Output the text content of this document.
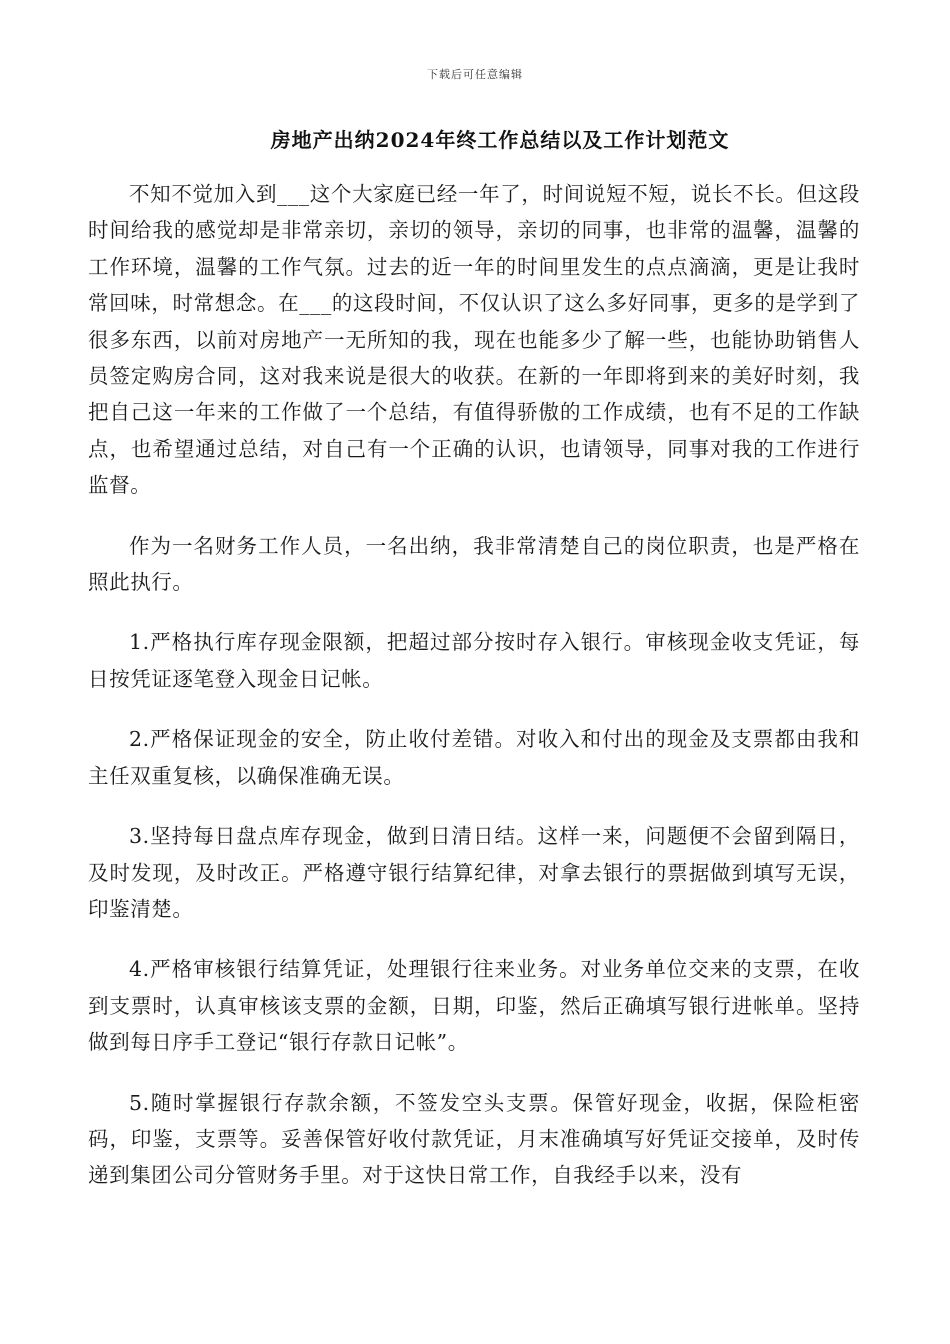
下载后可任意编辑
房地产出纳2024年终工作总结以及工作计划范文

不知不觉加入到___这个大家庭已经一年了，时间说短不短，说长不长。但这段时间给我的感觉却是非常亲切，亲切的领导，亲切的同事，也非常的温馨，温馨的工作环境，温馨的工作气氛。过去的近一年的时间里发生的点点滴滴，更是让我时常回味，时常想念。在___的这段时间，不仅认识了这么多好同事，更多的是学到了很多东西，以前对房地产一无所知的我，现在也能多少了解一些，也能协助销售人员签定购房合同，这对我来说是很大的收获。在新的一年即将到来的美好时刻，我把自己这一年来的工作做了一个总结，有值得骄傲的工作成绩，也有不足的工作缺点，也希望通过总结，对自己有一个正确的认识，也请领导，同事对我的工作进行监督。

作为一名财务工作人员，一名出纳，我非常清楚自己的岗位职责，也是严格在照此执行。

1.严格执行库存现金限额，把超过部分按时存入银行。审核现金收支凭证，每日按凭证逐笔登入现金日记帐。

2.严格保证现金的安全，防止收付差错。对收入和付出的现金及支票都由我和主任双重复核，以确保准确无误。

3.坚持每日盘点库存现金，做到日清日结。这样一来，问题便不会留到隔日，及时发现，及时改正。严格遵守银行结算纪律，对拿去银行的票据做到填写无误，印鉴清楚。

4.严格审核银行结算凭证，处理银行往来业务。对业务单位交来的支票，在收到支票时，认真审核该支票的金额，日期，印鉴，然后正确填写银行进帐单。坚持做到每日序手工登记“银行存款日记帐”。

5.随时掌握银行存款余额，不签发空头支票。保管好现金，收据，保险柜密码，印鉴，支票等。妥善保管好收付款凭证，月末准确填写好凭证交接单，及时传递到集团公司分管财务手里。对于这快日常工作，自我经手以来，没有
